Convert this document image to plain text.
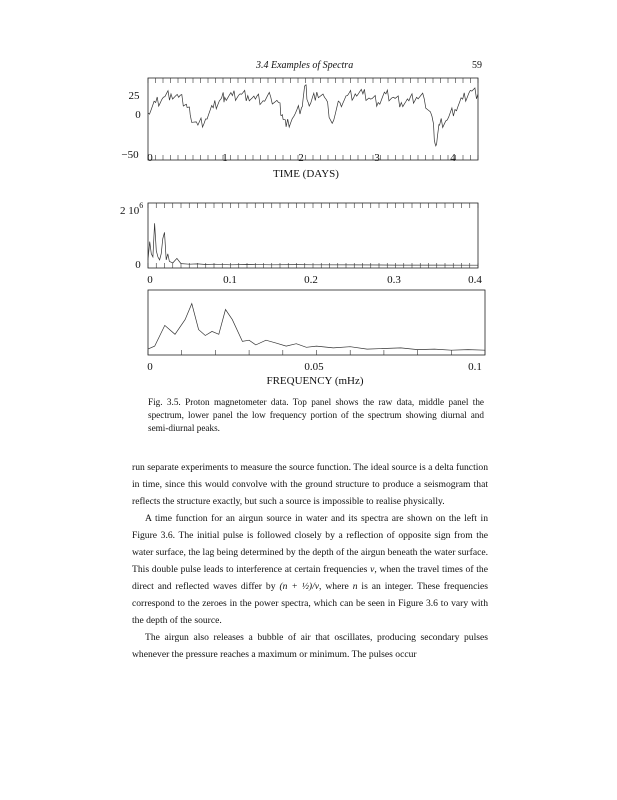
3.4 Examples of Spectra	59
25
0
−50 0	1	2	3	4
TIME (DAYS)
2 $10^6$
0
0	0.1	0.2	0.3	0.4
0	0.05	0.1
FREQUENCY (mHz)
Fig. 3.5. Proton magnetometer data. Top panel shows the raw data, middle panel the spectrum, lower panel the low frequency portion of the spectrum showing diurnal and semi-diurnal peaks.

run separate experiments to measure the source function. The ideal source is a delta function in time, since this would convolve with the ground structure to produce a seismogram that reflects the structure exactly, but such a source is impossible to realise physically.

A time function for an airgun source in water and its spectra are shown on the left in Figure 3.6. The initial pulse is followed closely by a reflection of opposite sign from the water surface, the lag being determined by the depth of the airgun beneath the water surface. This double pulse leads to interference at certain frequencies ν, when the travel times of the direct and reflected waves differ by (n + ½)/ν, where n is an integer. These frequencies correspond to the zeroes in the power spectra, which can be seen in Figure 3.6 to vary with the depth of the source.

The airgun also releases a bubble of air that oscillates, producing secondary pulses whenever the pressure reaches a maximum or minimum. The pulses occur
